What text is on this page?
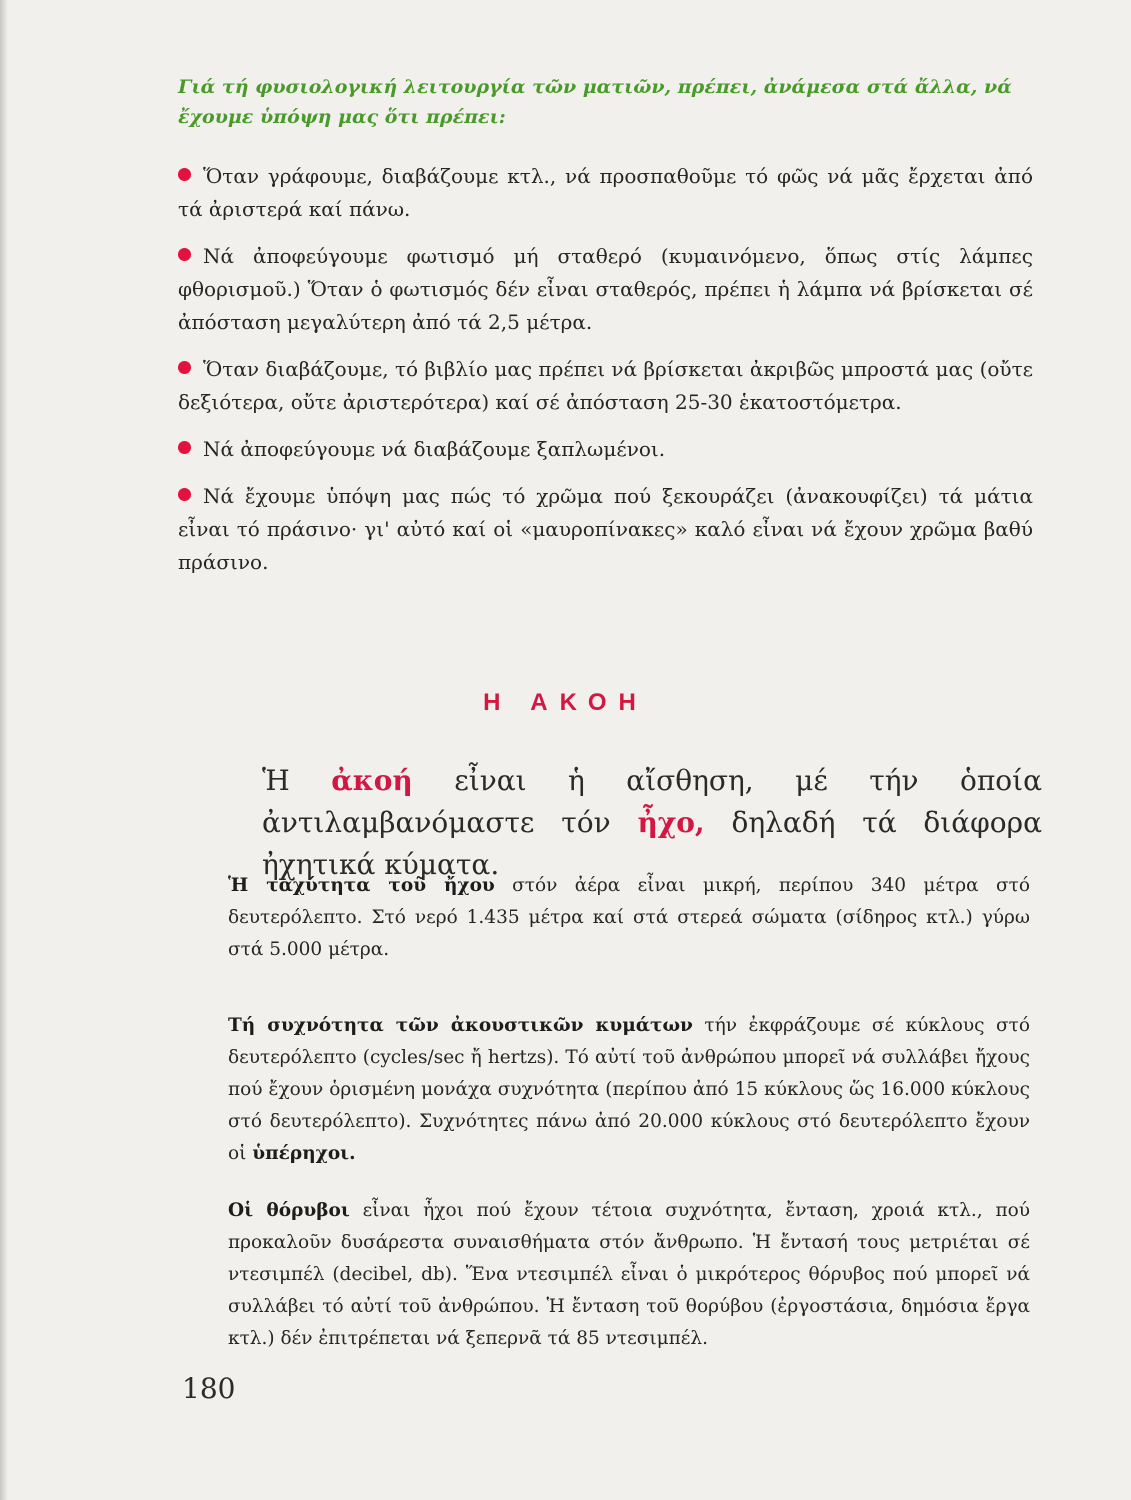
Γιά τή φυσιολογική λειτουργία τῶν ματιῶν, πρέπει, ἀνάμεσα στά ἄλλα, νά ἔχουμε ὑπόψη μας ὅτι πρέπει:
Ὅταν γράφουμε, διαβάζουμε κτλ., νά προσπαθοῦμε τό φῶς νά μᾶς ἔρχεται ἀπό τά ἀριστερά καί πάνω.
Νά ἀποφεύγουμε φωτισμό μή σταθερό (κυμαινόμενο, ὅπως στίς λάμπες φθορισμοῦ.) Ὅταν ὁ φωτισμός δέν εἶναι σταθερός, πρέπει ἡ λάμπα νά βρίσκεται σέ ἀπόσταση μεγαλύτερη ἀπό τά 2,5 μέτρα.
Ὅταν διαβάζουμε, τό βιβλίο μας πρέπει νά βρίσκεται ἀκριβῶς μπροστά μας (οὔτε δεξιότερα, οὔτε ἀριστερότερα) καί σέ ἀπόσταση 25-30 ἑκατοστόμετρα.
Νά ἀποφεύγουμε νά διαβάζουμε ξαπλωμένοι.
Νά ἔχουμε ὑπόψη μας πώς τό χρῶμα πού ξεκουράζει (ἀνακουφίζει) τά μάτια εἶναι τό πράσινο· γι' αὐτό καί οἱ «μαυροπίνακες» καλό εἶναι νά ἔχουν χρῶμα βαθύ πράσινο.
Η ΑΚΟΗ
Ἡ ἀκοή εἶναι ἡ αἴσθηση, μέ τήν ὁποία ἀντιλαμβανόμαστε τόν ἦχο, δηλαδή τά διάφορα ἠχητικά κύματα.
Ἡ ταχύτητα τοῦ ἤχου στόν ἀέρα εἶναι μικρή, περίπου 340 μέτρα στό δευτερόλεπτο. Στό νερό 1.435 μέτρα καί στά στερεά σώματα (σίδηρος κτλ.) γύρω στά 5.000 μέτρα.
Τή συχνότητα τῶν ἀκουστικῶν κυμάτων τήν ἐκφράζουμε σέ κύκλους στό δευτερόλεπτο (cycles/sec ἤ hertzs). Τό αὐτί τοῦ ἀνθρώπου μπορεῖ νά συλλάβει ἤχους πού ἔχουν ὁρισμένη μονάχα συχνότητα (περίπου ἀπό 15 κύκλους ὥς 16.000 κύκλους στό δευτερόλεπτο). Συχνότητες πάνω ἀπό 20.000 κύκλους στό δευτερόλεπτο ἔχουν οἱ ὑπέρηχοι.
Οἱ θόρυβοι εἶναι ἦχοι πού ἔχουν τέτοια συχνότητα, ἔνταση, χροιά κτλ., πού προκαλοῦν δυσάρεστα συναισθήματα στόν ἄνθρωπο. Ἡ ἔντασή τους μετριέται σέ ντεσιμπέλ (decibel, db). Ἕνα ντεσιμπέλ εἶναι ὁ μικρότερος θόρυβος πού μπορεῖ νά συλλάβει τό αὐτί τοῦ ἀνθρώπου. Ἡ ἔνταση τοῦ θορύβου (ἐργοστάσια, δημόσια ἔργα κτλ.) δέν ἐπιτρέπεται νά ξεπερνᾶ τά 85 ντεσιμπέλ.
180
